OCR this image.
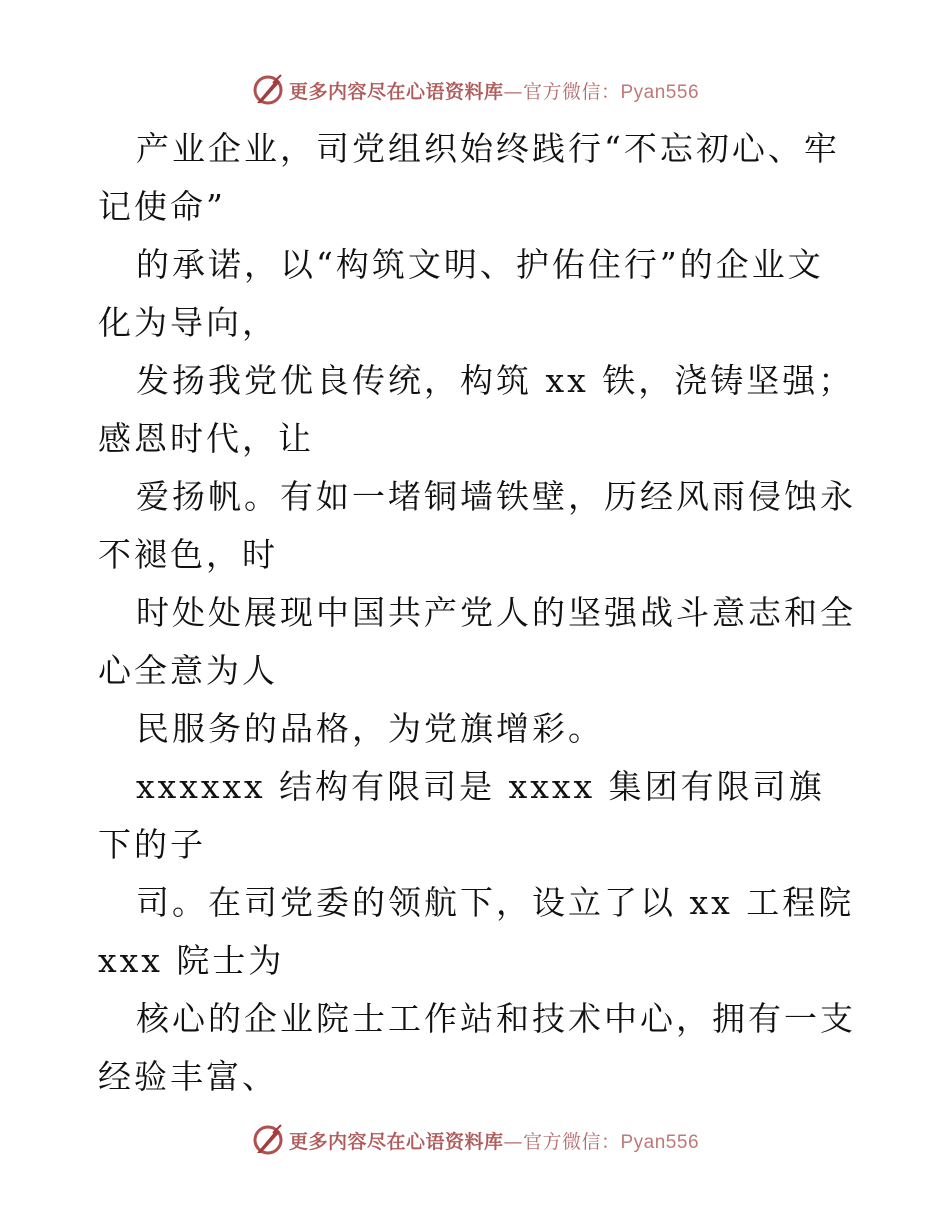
更多内容尽在心语资料库—官方微信：Pyan556

产业企业，司党组织始终践行“不忘初心、牢记使命”

的承诺，以“构筑文明、护佑住行”的企业文化为导向，

发扬我党优良传统，构筑 xx 铁，浇铸坚强；感恩时代，让

爱扬帆。有如一堵铜墙铁壁，历经风雨侵蚀永不褪色，时

时处处展现中国共产党人的坚强战斗意志和全心全意为人

民服务的品格，为党旗增彩。

xxxxxx 结构有限司是 xxxx 集团有限司旗下的子

司。在司党委的领航下，设立了以 xx 工程院 xxx 院士为

核心的企业院士工作站和技术中心，拥有一支经验丰富、

更多内容尽在心语资料库—官方微信：Pyan556
